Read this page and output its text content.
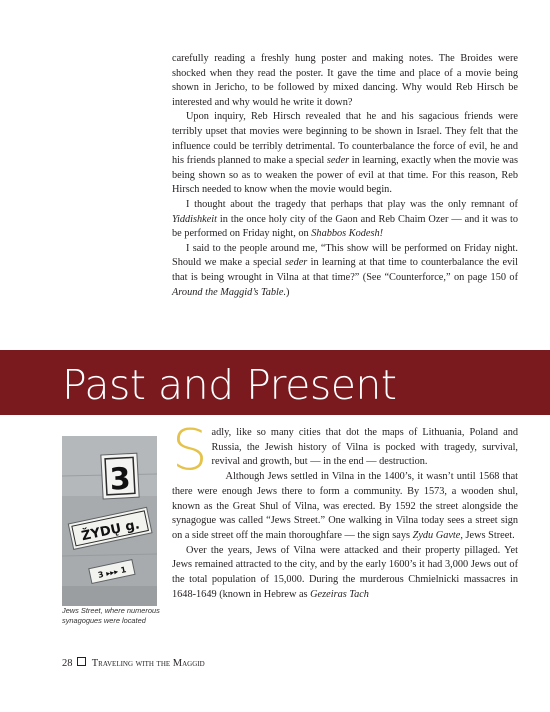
carefully reading a freshly hung poster and making notes. The Broides were shocked when they read the poster. It gave the time and place of a movie being shown in Jericho, to be followed by mixed dancing. Why would Reb Hirsch be interested and why would he write it down?

Upon inquiry, Reb Hirsch revealed that he and his sagacious friends were terribly upset that movies were beginning to be shown in Israel. They felt that the influence could be terribly detrimental. To counterbalance the force of evil, he and his friends planned to make a special seder in learning, exactly when the movie was being shown so as to weaken the power of evil at that time. For this reason, Reb Hirsch needed to know when the movie would begin.

I thought about the tragedy that perhaps that play was the only remnant of Yiddishkeit in the once holy city of the Gaon and Reb Chaim Ozer — and it was to be performed on Friday night, on Shabbos Kodesh!

I said to the people around me, “This show will be performed on Friday night. Should we make a special seder in learning at that time to counterbalance the evil that is being wrought in Vilna at that time?” (See “Counterforce,” on page 150 of Around the Maggid’s Table.)

Past and Present
3
ŽYDŲ g.
3 ▸▸▸ 1
Jews Street, where numerous synagogues were located
S adly, like so many cities that dot the maps of Lithuania, Poland and Russia, the Jewish history of Vilna is pocked with tragedy, survival, revival and growth, but — in the end — destruction.

Although Jews settled in Vilna in the 1400’s, it wasn’t until 1568 that there were enough Jews there to form a community. By 1573, a wooden shul, known as the Great Shul of Vilna, was erected. By 1592 the street alongside the synagogue was called “Jews Street.” One walking in Vilna today sees a street sign on a side street off the main thoroughfare — the sign says Zydu Gavte, Jews Street.

Over the years, Jews of Vilna were attacked and their property pillaged. Yet Jews remained attracted to the city, and by the early 1600’s it had 3,000 Jews out of the total population of 15,000. During the murderous Chmielnicki massacres in 1648-1649 (known in Hebrew as Gezeiras Tach

28 Traveling with the Maggid
